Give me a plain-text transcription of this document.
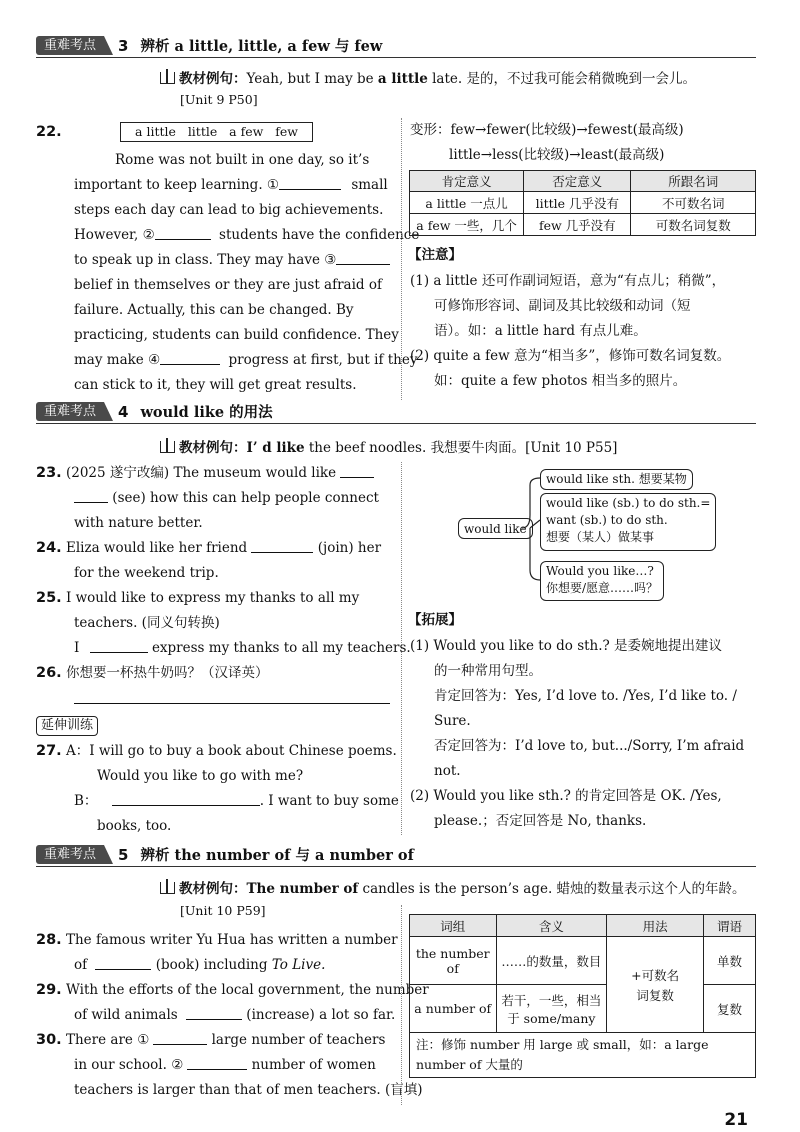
重难考点	3 辨析 a little, little, a few 与 few
教材例句：Yeah, but I may be a little late. 是的，不过我可能会稍微晚到一会儿。
[Unit 9 P50]
22.	a little   little   a few   few
Rome was not built in one day, so it’s
important to keep learning. ①	small
steps each day can lead to big achievements.
However, ②	students have the confidence
to speak up in class. They may have ③
belief in themselves or they are just afraid of
failure. Actually, this can be changed. By
practicing, students can build confidence. They
may make ④	progress at first, but if they
can stick to it, they will get great results.
变形：few→fewer(比较级)→fewest(最高级)
little→less(比较级)→least(最高级)
肯定意义	否定意义	所跟名词
a little 一点儿	little 几乎没有	不可数名词
a few 一些，几个	few 几乎没有	可数名词复数
【注意】
(1) a little 还可作副词短语，意为“有点儿；稍微”，
可修饰形容词、副词及其比较级和动词（短
语）。如：a little hard 有点儿难。
(2) quite a few 意为“相当多”，修饰可数名词复数。
如：quite a few photos 相当多的照片。
重难考点	4 would like 的用法
教材例句：I’ d like the beef noodles. 我想要牛肉面。[Unit 10 P55]
23. (2025 遂宁改编) The museum would like
(see) how this can help people connect
with nature better.
24. Eliza would like her friend	(join) her
for the weekend trip.
25. I would like to express my thanks to all my
teachers. (同义句转换)
I	express my thanks to all my teachers.
26. 你想要一杯热牛奶吗？（汉译英）
延伸训练
27. A：I will go to buy a book about Chinese poems.
Would you like to go with me?
B：	. I want to buy some
books, too.
would like
would like sth. 想要某物
would like (sb.) to do sth.=
want (sb.) to do sth.
想要（某人）做某事
Would you like…?
你想要/愿意……吗？
【拓展】
(1) Would you like to do sth.? 是委婉地提出建议
的一种常用句型。
肯定回答为：Yes, I’d love to. /Yes, I’d like to. /
Sure.
否定回答为：I’d love to, but.../Sorry, I’m afraid
not.
(2) Would you like sth.? 的肯定回答是 OK. /Yes,
please.；否定回答是 No, thanks.
重难考点	5 辨析 the number of 与 a number of
教材例句：The number of candles is the person’s age. 蜡烛的数量表示这个人的年龄。
[Unit 10 P59]
28. The famous writer Yu Hua has written a number
of	(book) including To Live.
29. With the efforts of the local government, the number
of wild animals	(increase) a lot so far.
30. There are ①	large number of teachers
in our school. ②	number of women
teachers is larger than that of men teachers. (盲填)
词组	含义	用法	谓语
the number of	……的数量，数目	+可数名	单数
a number of	若干，一些，相当于 some/many	词复数	复数
注：修饰 number 用 large 或 small，如：a large number of 大量的			
21
